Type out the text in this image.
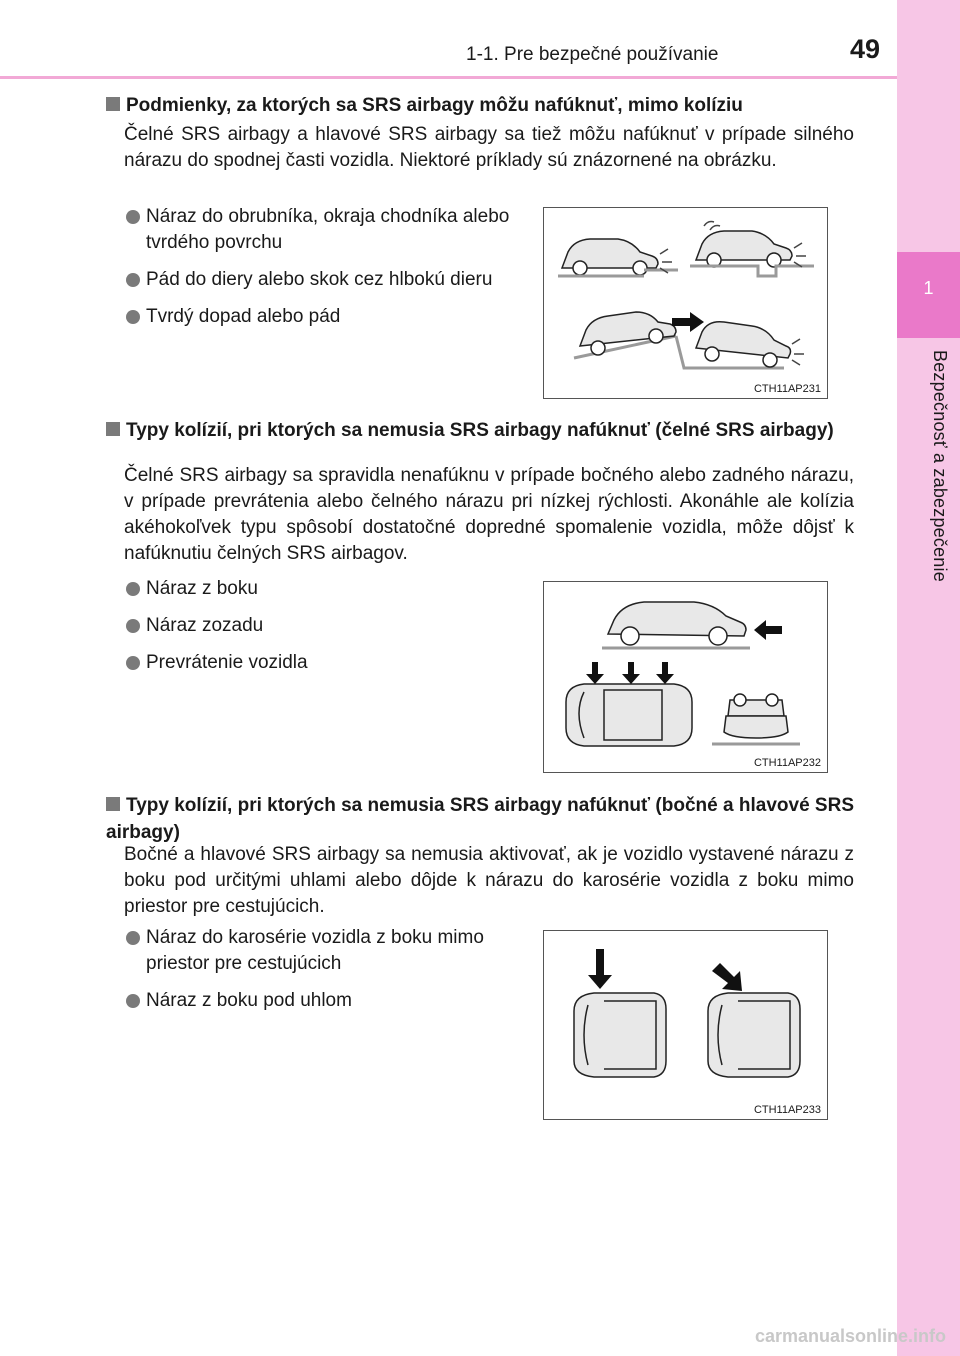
1-1. Pre bezpečné používanie	49
1
Bezpečnosť a zabezpečenie
Podmienky, za ktorých sa SRS airbagy môžu nafúknuť, mimo kolíziu
Čelné SRS airbagy a hlavové SRS airbagy sa tiež môžu nafúknuť v prípade silného nárazu do spodnej časti vozidla. Niektoré príklady sú znázornené na obrázku.
Náraz do obrubníka, okraja chodníka alebo tvrdého povrchu
Pád do diery alebo skok cez hlbokú dieru
Tvrdý dopad alebo pád
CTH11AP231
Typy kolízií, pri ktorých sa nemusia SRS airbagy nafúknuť (čelné SRS airbagy)
Čelné SRS airbagy sa spravidla nenafúknu v prípade bočného alebo zadného nárazu, v prípade prevrátenia alebo čelného nárazu pri nízkej rýchlosti. Akonáhle ale kolízia akéhokoľvek typu spôsobí dostatočné dopredné spomalenie vozidla, môže dôjsť k nafúknutiu čelných SRS airbagov.
Náraz z boku
Náraz zozadu
Prevrátenie vozidla
CTH11AP232
Typy kolízií, pri ktorých sa nemusia SRS airbagy nafúknuť (bočné a hlavové SRS airbagy)
Bočné a hlavové SRS airbagy sa nemusia aktivovať, ak je vozidlo vystavené nárazu z boku pod určitými uhlami alebo dôjde k nárazu do karosérie vozidla z boku mimo priestor pre cestujúcich.
Náraz do karosérie vozidla z boku mimo priestor pre cestujúcich
Náraz z boku pod uhlom
CTH11AP233
carmanualsonline.info
